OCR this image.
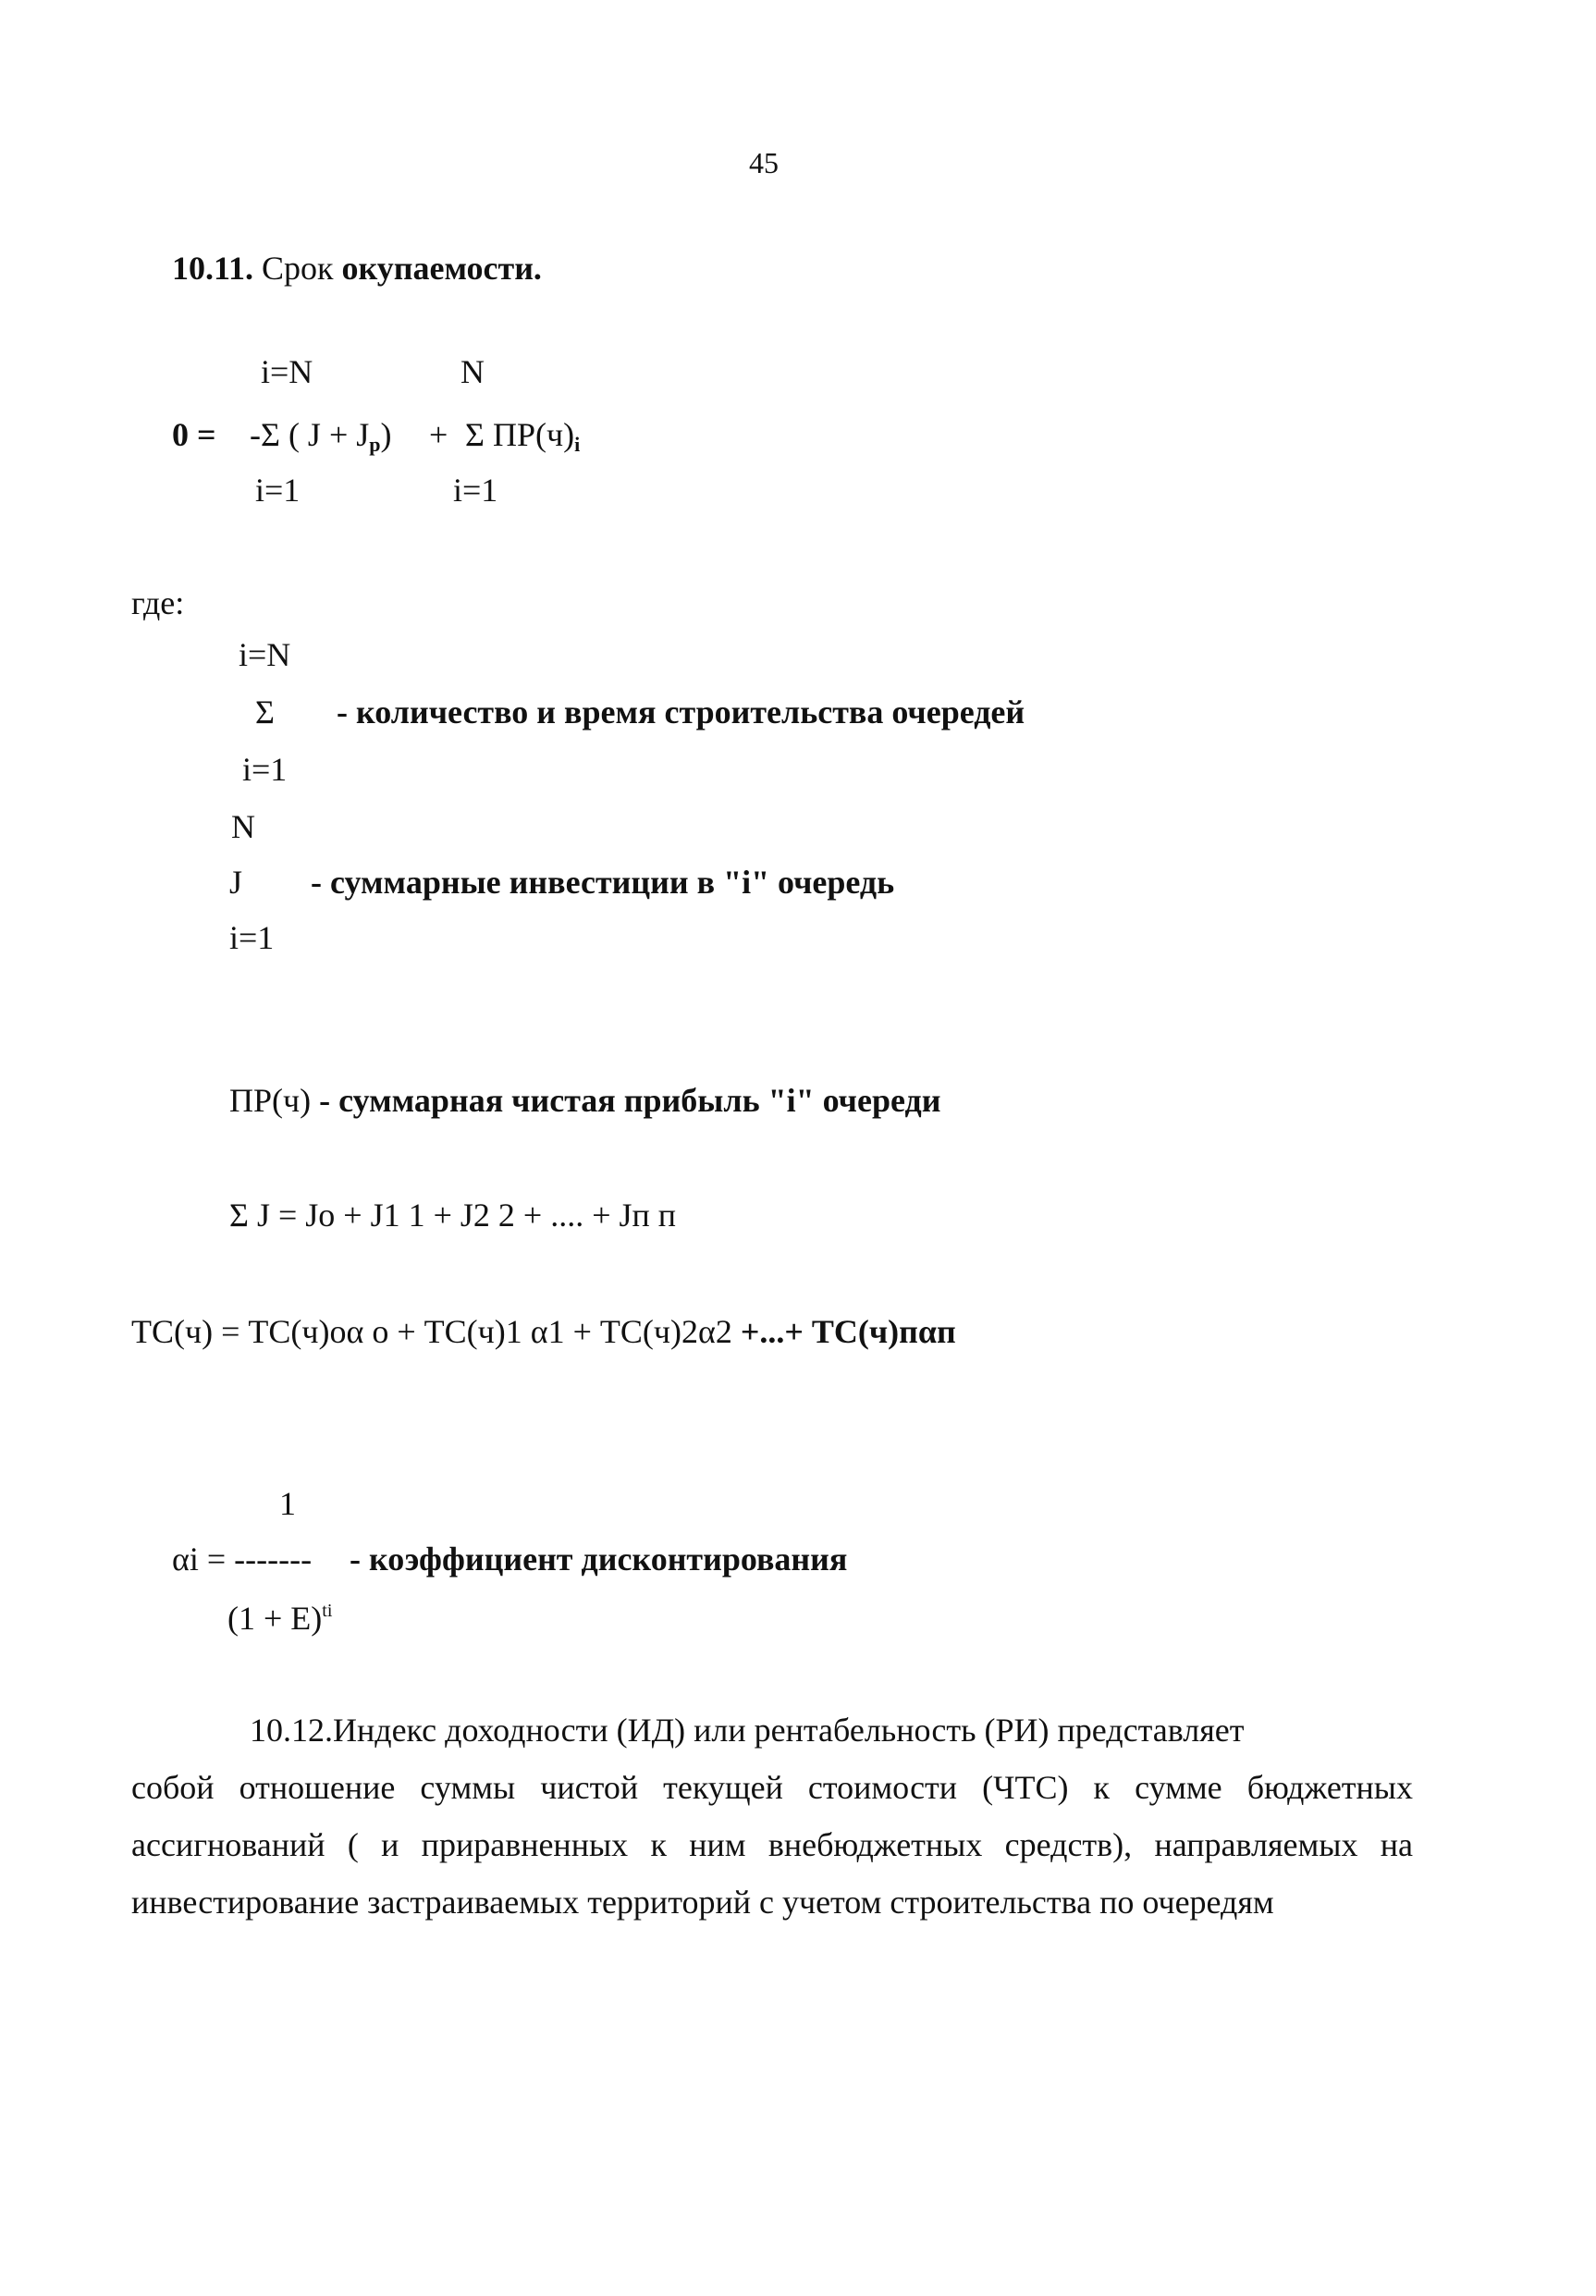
45
10.11. Срок окупаемости.
i=N	N
0 = -Σ ( $J + J_р) + \Sigma$ $ПР(ч)_i$
i=1	i=1
где:
i=N
Σ - количество и время строительства очередей
i=1
N
J - суммарные инвестиции в "i" очередь
i=1
ПР(ч) - суммарная чистая прибыль "i" очереди
Σ J = Jo + J1 1 + J2 2 + .... + Jп п
ТС(ч) = ТС(ч)оα о + ТС(ч)1 α1 + ТС(ч)2α2 +...+ ТС(ч)пαп
1
αi = ------- - коэффициент дисконтирования
$(1 + E)^{ti}$
10.12.Индекс доходности (ИД) или рентабельность (РИ) представляет
собой отношение суммы чистой текущей стоимости (ЧТС) к сумме бюджетных ассигнований ( и приравненных к ним внебюджетных средств), направляемых на инвестирование застраиваемых территорий с учетом строительства по очередям
